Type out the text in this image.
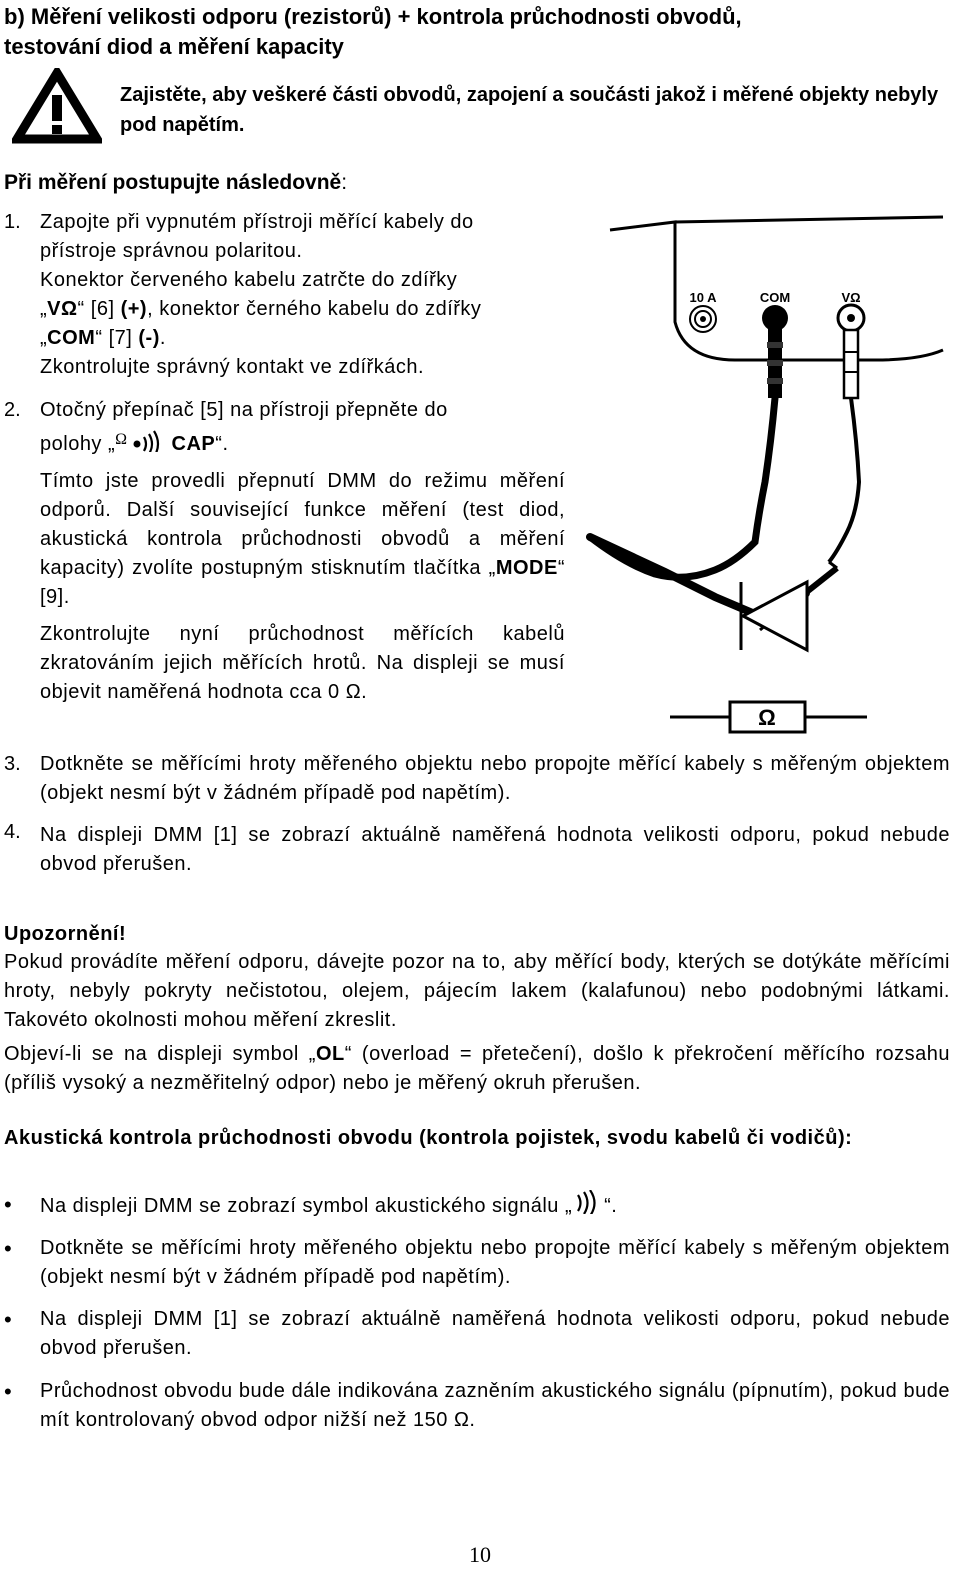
b) Měření velikosti odporu (rezistorů) + kontrola průchodnosti obvodů,
testování diod a měření kapacity
Zajistěte, aby veškeré části obvodů, zapojení a součásti jakož i měřené objekty nebyly pod napětím.
Při měření postupujte následovně:
1. Zapojte při vypnutém přístroji měřící kabely do
přístroje správnou polaritou.
Konektor červeného kabelu zatrčte do zdířky
„VΩ“ [6] (+), konektor černého kabelu do zdířky
„COM“ [7] (-).
Zkontrolujte správný kontakt ve zdířkách.
2. Otočný přepínač [5] na přístroji přepněte do
polohy „$^\Omega$ CAP“.
Tímto jste provedli přepnutí DMM do režimu měření odporů. Další související funkce měření (test diod, akustická kontrola průchodnosti obvodů a měření kapacity) zvolíte postupným stisknutím tlačítka „MODE“ [9].
Zkontrolujte nyní průchodnost měřících kabelů zkratováním jejich měřících hrotů. Na displeji se musí objevit naměřená hodnota cca 0 Ω.
10 A	COM	VΩ
Ω
3. Dotkněte se měřícími hroty měřeného objektu nebo propojte měřící kabely s měřeným objektem (objekt nesmí být v žádném případě pod napětím).
4. Na displeji DMM [1] se zobrazí aktuálně naměřená hodnota velikosti odporu, pokud nebude obvod přerušen.
Upozornění!
Pokud provádíte měření odporu, dávejte pozor na to, aby měřící body, kterých se dotýkáte měřícími hroty, nebyly pokryty nečistotou, olejem, pájecím lakem (kalafunou) nebo podobnými látkami. Takovéto okolnosti mohou měření zkreslit.
Objeví-li se na displeji symbol „OL“ (overload = přetečení), došlo k překročení měřícího rozsahu (příliš vysoký a nezměřitelný odpor) nebo je měřený okruh přerušen.
Akustická kontrola průchodnosti obvodu (kontrola pojistek, svodu kabelů či vodičů):
• Na displeji DMM se zobrazí symbol akustického signálu „ “.
• Dotkněte se měřícími hroty měřeného objektu nebo propojte měřící kabely s měřeným objektem (objekt nesmí být v žádném případě pod napětím).
• Na displeji DMM [1] se zobrazí aktuálně naměřená hodnota velikosti odporu, pokud nebude obvod přerušen.
• Průchodnost obvodu bude dále indikována zazněním akustického signálu (pípnutím), pokud bude mít kontrolovaný obvod odpor nižší než 150 Ω.
10
